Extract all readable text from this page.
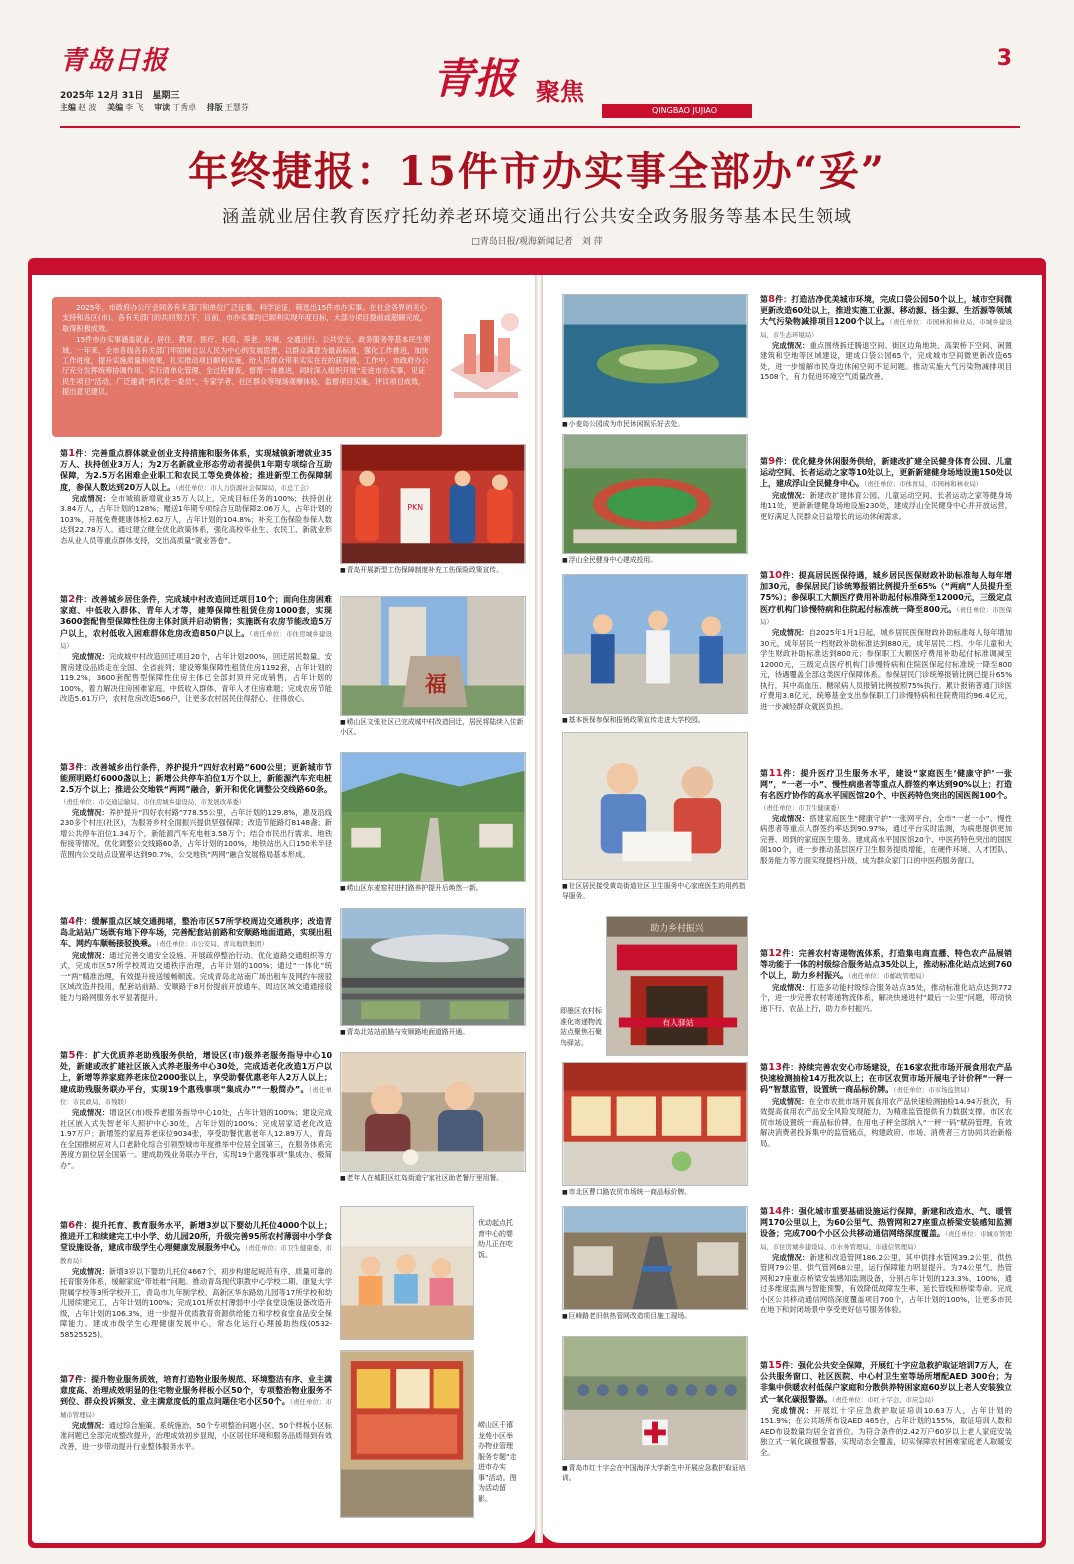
青岛日报
2025年 12月 31日　星期三
主编 赵 波 美编 李 飞 审读 丁秀卓 排版 王慧芬
青报 聚焦
QINGBAO JUJIAO
3
年终捷报：15件市办实事全部办“妥”
涵盖就业居住教育医疗托幼养老环境交通出行公共安全政务服务等基本民生领域
□青岛日报/观海新闻记者　刘 萍

2025年，市政府办公厅会同各有关部门和单位广泛征集、科学论证，筛选出15件市办实事。在社会各界的关心支持和各区(市)、各有关部门的共同努力下，目前，市办实事均已顺利实现年度目标，大部分项目提前或超额完成，取得积极成效。

15件市办实事涵盖就业、居住、教育、医疗、托育、养老、环境、交通出行、公共安全、政务服务等基本民生领域。一年来，全市各级各有关部门牢固树立以人民为中心的发展思想，以群众满意为最高标准，强化工作推进，加快工作进度，提升实施质量和效果，扎实推动项目顺利实施，给人民群众带来实实在在的获得感。工作中，市政府办公厅充分发挥统筹协调作用，实行清单化管理、全过程督查，督帮一体推进，同时深入组织开展“走进市办实事，见证民生项目”活动，广泛邀请“两代表一委员”、专家学者、社区群众等现场观摩体验，监督项目实施，评议项目成效，提出意见建议。

第1件：完善重点群体就业创业支持措施和服务体系，实现城镇新增就业35万人、扶持创业3万人；为2万名新就业形态劳动者提供1年期专项综合互助保障，为2.5万名困难企业职工和农民工等免费体检；推进新型工伤保障制度，参保人数达到20万人以上。（责任单位：市人力资源社会保障局、市总工会）
完成情况：全市城镇新增就业35万人以上，完成目标任务的100%；扶持创业3.84万人，占年计划的128%；赠送1年期专项综合互助保障2.06万人，占年计划的103%，开展免费健康体检2.62万人，占年计划的104.8%；补充工伤保险参保人数达到22.78万人。通过建立健全优化政策体系，强化高校毕业生、农民工、新就业形态从业人员等重点群体支持，交出高质量“就业答卷”。
第2件：改善城乡居住条件，完成城中村改造回迁项目10个；面向住房困难家庭、中低收入群体、青年人才等，建筹保障性租赁住房1000套，实现3600套配售型保障性住房主体封顶并启动销售；实施既有农房节能改造5万户以上，农村低收入困难群体危房改造850户以上。（责任单位：市住房城乡建设局）
完成情况：完成城中村改造回迁项目20个，占年计划200%，回迁居民数量、安置房建设品质走在全国、全省前列；建设筹集保障性租赁住房1192套，占年计划的119.2%，3600套配售型保障性住房主体已全部封顶并完成销售，占年计划的100%，着力解决住房困难家庭、中低收入群体、青年人才住房难题；完成农房节能改造5.61万户，农村危房改造566户，让更多农村居民住得舒心、住得放心。
第3件：改善城乡出行条件，养护提升“四好农村路”600公里；更新城市节能照明路灯6000盏以上；新增公共停车泊位1万个以上，新能源汽车充电桩2.5万个以上；推进公交地铁“两网”融合，新开和优化调整公交线路60条。（责任单位：市交通运输局、市住房城乡建设局、市发展改革委）
完成情况：养护提升“四好农村路”778.55公里，占年计划的129.8%，惠及沿线230多个村庄(社区)，为服务乡村全面振兴提供坚强保障；改造节能路灯8148盏；新增公共停车泊位1.34万个，新能源汽车充电桩3.58万个；结合市民出行需求、地铁衔接等情况，优化调整公交线路60条，占年计划的100%，地铁站出入口150米半径范围内公交站点设置率达到90.7%，公交地铁“两网”融合发展格局基本形成。
第4件：缓解重点区域交通拥堵，整治市区57所学校周边交通秩序；改造青岛北站站广场既有地下停车场，完善配套站前路和安顺路地面道路，实现出租车、网约车顺畅接驳换乘。（责任单位：市公安局、青岛地铁集团）
完成情况：通过完善交通安全设施、开展疏停整治行动、优化道路交通组织等方式，完成市区57所学校周边交通秩序治理，占年计划的100%；通过“一体化”统一“两”精准治理，有效提升接送缓畅顺流。完成青岛北站南广场出租车及网约车接驳区域改造并投用，配套站前路、安顺路于8月份提前开放通车，周边区域交通通接驳能力与路网服务水平显著提升。
第5件：扩大优质养老助残服务供给，增设区(市)级养老服务指导中心10处，新建或改扩建社区嵌入式养老服务中心30处，完成适老化改造1万户以上，新增等养家庭养老床位2000张以上，享受助餐优惠老年人2万人以上；建成助残服务联办平台，实现19个惠残事项“集成办”“一般简办”。（责任单位：市民政局、市残联）
完成情况：增设区(市)级养老服务指导中心10处，占年计划的100%；建设完成社区嵌入式失智老年人照护中心30处，占年计划的100%；完成居家适老化改造1.97万户；新增签约家庭养老床位9034张，享受助餐优惠老年人12.89万人，青岛在全国推树应对人口老龄化综合引领型城市年度推举中位居全国第三，在服务体系完善度方面位居全国第一。建成助残业务联办平台，实现19个惠残事项“集成办、极简办”。
第6件：提升托育、教育服务水平，新增3岁以下婴幼儿托位4000个以上；推进开工和续建完工中小学、幼儿园20所，升级完善95所农村薄弱中小学食堂设施设备，建成市级学生心理健康发展服务中心。（责任单位：市卫生健康委、市教育局）
完成情况：新增3岁以下婴幼儿托位4667个，初步构建起规范有序、质量可靠的托育服务体系，缓解家庭“带娃难”问题。推动青岛现代职教中心学校二期、康复大学附属学校等3所学校开工，青岛市九年制学校、高新区华东路幼儿园等17所学校和幼儿园续建完工，占年计划的100%；完成101所农村薄弱中小学食堂设施设备改造升级，占年计划的106.3%，进一步提升优质教育资源供给能力和学校食堂食品安全保障能力。建成市级学生心理健康发展中心，常态化运行心理援助热线(0532-58525525)。
第7件：提升物业服务质效，培育打造物业服务规范、环境整洁有序、业主满意度高、治理成效明显的住宅物业服务样板小区50个，专项整治物业服务不到位、群众投诉频发、业主满意度低的重点问题住宅小区50个。（责任单位：市城市管理局）
完成情况：通过综合施策、系统施治，50个专项整治问题小区、50个样板小区标准问题已全部完成整改提升，治理成效初步显现，小区居住环境和服务品质得到有效改善，进一步带动提升行业整体服务水平。
第8件：打造洁净优美城市环境，完成口袋公园50个以上，城市空间微更新改造60处以上，推进实施工业源、移动源、扬尘源、生活源等领域大气污染物减排项目1200个以上。（责任单位：市园林和林业局、市城乡建设局、市生态环境局）
完成情况：重点围绕拆迁腾退空间、街区边角地块、高架桥下空间、闲置建筑和空地等区域建设，建成口袋公园65个，完成城市空间微更新改造65处，进一步缓解市民身边休闲空间不足问题。推动实施大气污染物减排项目1508个，有力促进环境空气质量改善。
第9件：优化健身休闲服务供给，新建改扩建全民健身体育公园、儿童运动空间、长者运动之家等10处以上，更新新建健身场地设施150处以上，建成浮山全民健身中心。（责任单位：市体育局、市园林和林业局）
完成情况：新建改扩建体育公园、儿童运动空间、长者运动之家等健身场地11处，更新新建健身场地设施230处，建成浮山全民健身中心并开放运营，更好满足人民群众日益增长的运动休闲需求。
第10件：提高居民医保待遇，城乡居民医保财政补助标准每人每年增加30元，参保居民门诊统筹报销比例提升至65%（“两病”人员提升至75%）；参保职工大额医疗费用补助起付标准降至12000元，三级定点医疗机构门诊慢特病和住院起付标准统一降至800元。（责任单位：市医保局）
完成情况：自2025年1月1日起，城乡居民医保财政补助标准每人每年增加30元，成年居民一档财政补助标准达到880元，成年居民二档、少年儿童和大学生财政补助标准达到800元；参保职工大额医疗费用补助起付标准调减至12000元，三级定点医疗机构门诊慢特病和住院医保起付标准统一降至800元，待遇覆盖全部这类医疗保障体系。参保居民门诊统筹报销比例已提升65%执行，其中高血压、糖尿病人员报销比例按照75%执行。累计报销普通门诊医疗费用3.8亿元，统筹基金支出参保职工门诊慢特病和住院费用约96.4亿元，进一步减轻群众就医负担。
第11件：提升医疗卫生服务水平，建设“家庭医生‘健康守护’一张网”，“一老一小”、慢性病患者等重点人群签约率达到90%以上；打造有名医疗协作的高水平国医馆20个、中医药特色突出的国医阁100个。（责任单位：市卫生健康委）
完成情况：搭建家庭医生“健康守护”一张网平台，全市“一老一小”、慢性病患者等重点人群签约率达到90.97%，通过平台实时监测，为病患提供更加完善、周到的家庭医生服务。建成高水平国医馆20个、中医药特色突出的国医阁100个，进一步推动基层医疗卫生服务提质增能，在硬件环境、人才团队、服务能力等方面实现提档升级，成为群众家门口的中医药服务窗口。
第12件：完善农村寄递物流体系，打造集电商直播、特色农产品展销等功能于一体的村级综合服务站点35处以上，推动标准化站点达到760个以上，助力乡村振兴。（责任单位：市邮政管理局）
完成情况：打造多功能村级综合服务站点35处，推动标准化站点达到772个，进一步完善农村寄递物流体系，解决快递进村“最后一公里”问题，带动快递下行、农品上行，助力乡村振兴。
第13件：持续完善农安心市场建设，在16家农批市场开展食用农产品快速检测抽检14万批次以上；在市区农贸市场开展电子计价秤“一秤一码”智慧监管，设置统一商品标价牌。（责任单位：市市场监管局）
完成情况：在全市农批市场开展食用农产品快速检测抽检14.94万批次，有效提高食用农产品安全风险发现能力，为精准监管提供有力数据支撑。市区农贸市场设置统一商品标价牌，在用电子秤全部纳入“一秤一码”赋码管理，有效解决消费者投诉集中的监管痛点，构建政府、市场、消费者三方协同共治新格局。
第14件：强化城市重要基础设施运行保障，新建和改造水、气、暖管网170公里以上，为60公里气、热管网和27座重点桥梁安装感知监测设备；完成700个小区公共移动通信网络深度覆盖。（责任单位：市城市管理局、市住房城乡建设局、市水务管理局、市通信管理局）
完成情况：新建和改造管网186.2公里，其中供排水管网39.2公里、供热管网79公里、供气管网68公里，运行保障能力明显提升。为74公里气、热管网和27座重点桥梁安装感知监测设备，分别占年计划的123.3%、100%，通过多维度监测与智能预警，有效降低故障发生率、延长管线和桥梁寿命。完成小区公共移动通信网络深度覆盖项目700个，占年计划的100%，让更多市民在地下和封闭场景中享受更好信号服务体验。
第15件：强化公共安全保障，开展红十字应急救护取证培训7万人，在公共服务窗口、社区医院、中心村卫生室等场所增配AED 300台；为非集中供暖农村低保户家庭和分散供养特困家庭60岁以上老人安装独立式一氧化碳报警器。（责任单位：市红十字会、市应急局）
完成情况：开展红十字应急救护取证培训10.63万人，占年计划的151.9%；在公共场所布设AED 465台，占年计划的155%，取证培训人数和AED布设数量均居全省首位。为符合条件的2.42万户60岁以上老人家庭安装独立式一氧化碳报警器，实现动态全覆盖，切实保障农村困难家庭老人取暖安全。
PKN
■ 青岛开展新型工伤保障制度补充工伤保险政策宣传。
福
■ 崂山区文张社区已完成城中村改造回迁，居民将陆续入住新小区。
■ 崂山区东麦窑村进村路养护提升后焕然一新。
■ 青岛北站站前路与安顺路地面道路开通。
■ 老年人在城阳区红岛街道宁家社区助老餐厅里用餐。
优动起点托育中心的婴幼儿正在吃饭。
崂山区千禧龙苑小区举办物业管理服务专题“走进市办实事”活动。图为活动留影。
■ 小麦岛公园成为市民休闲娱乐好去处。
■ 浮山全民健身中心建成投用。
■ 基本医保参保和报销政策宣传走进大学校园。
■ 社区居民接受黄岛街道社区卫生服务中心家庭医生的用药指导服务。
即墨区农村标准化寄递物流站点聚焦石聚鸟驿站。
助力乡村振兴
有人驿站
■ 市北区曹口路农贸市场统一商品标价牌。
■ 巨峰路老旧供热管网改造项目施工现场。
■ 青岛市红十字会在中国海洋大学新生中开展应急救护取证培训。
